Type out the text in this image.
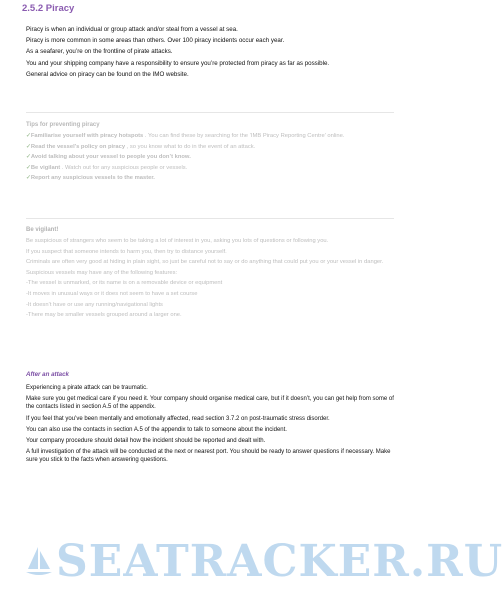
2.5.2 Piracy

Piracy is when an individual or group attack and/or steal from a vessel at sea.

Piracy is more common in some areas than others. Over 100 piracy incidents occur each year.

As a seafarer, you’re on the frontline of pirate attacks.

You and your shipping company have a responsibility to ensure you’re protected from piracy as far as possible.

General advice on piracy can be found on the IMO website.

Tips for preventing piracy
✓Familiarise yourself with piracy hotspots . You can find these by searching for the ‘IMB Piracy Reporting Centre’ online.
✓Read the vessel’s policy on piracy , so you know what to do in the event of an attack.
✓Avoid talking about your vessel to people you don’t know.
✓Be vigilant . Watch out for any suspicious people or vessels.
✓Report any suspicious vessels to the master.
Be vigilant!

Be suspicious of strangers who seem to be taking a lot of interest in you, asking you lots of questions or following you.

If you suspect that someone intends to harm you, then try to distance yourself.

Criminals are often very good at hiding in plain sight, so just be careful not to say or do anything that could put you or your vessel in danger.

Suspicious vessels may have any of the following features:

-The vessel is unmarked, or its name is on a removable device or equipment

-It moves in unusual ways or it does not seem to have a set course

-It doesn’t have or use any running/navigational lights

-There may be smaller vessels grouped around a larger one.

After an attack

Experiencing a pirate attack can be traumatic.

Make sure you get medical care if you need it. Your company should organise medical care, but if it doesn’t, you can get help from some of the contacts listed in section A.5 of the appendix.

If you feel that you’ve been mentally and emotionally affected, read section 3.7.2 on post-traumatic stress disorder.

You can also use the contacts in section A.5 of the appendix to talk to someone about the incident.

Your company procedure should detail how the incident should be reported and dealt with.

A full investigation of the attack will be conducted at the next or nearest port. You should be ready to answer questions if necessary. Make sure you stick to the facts when answering questions.

SEATRACKER.RU
